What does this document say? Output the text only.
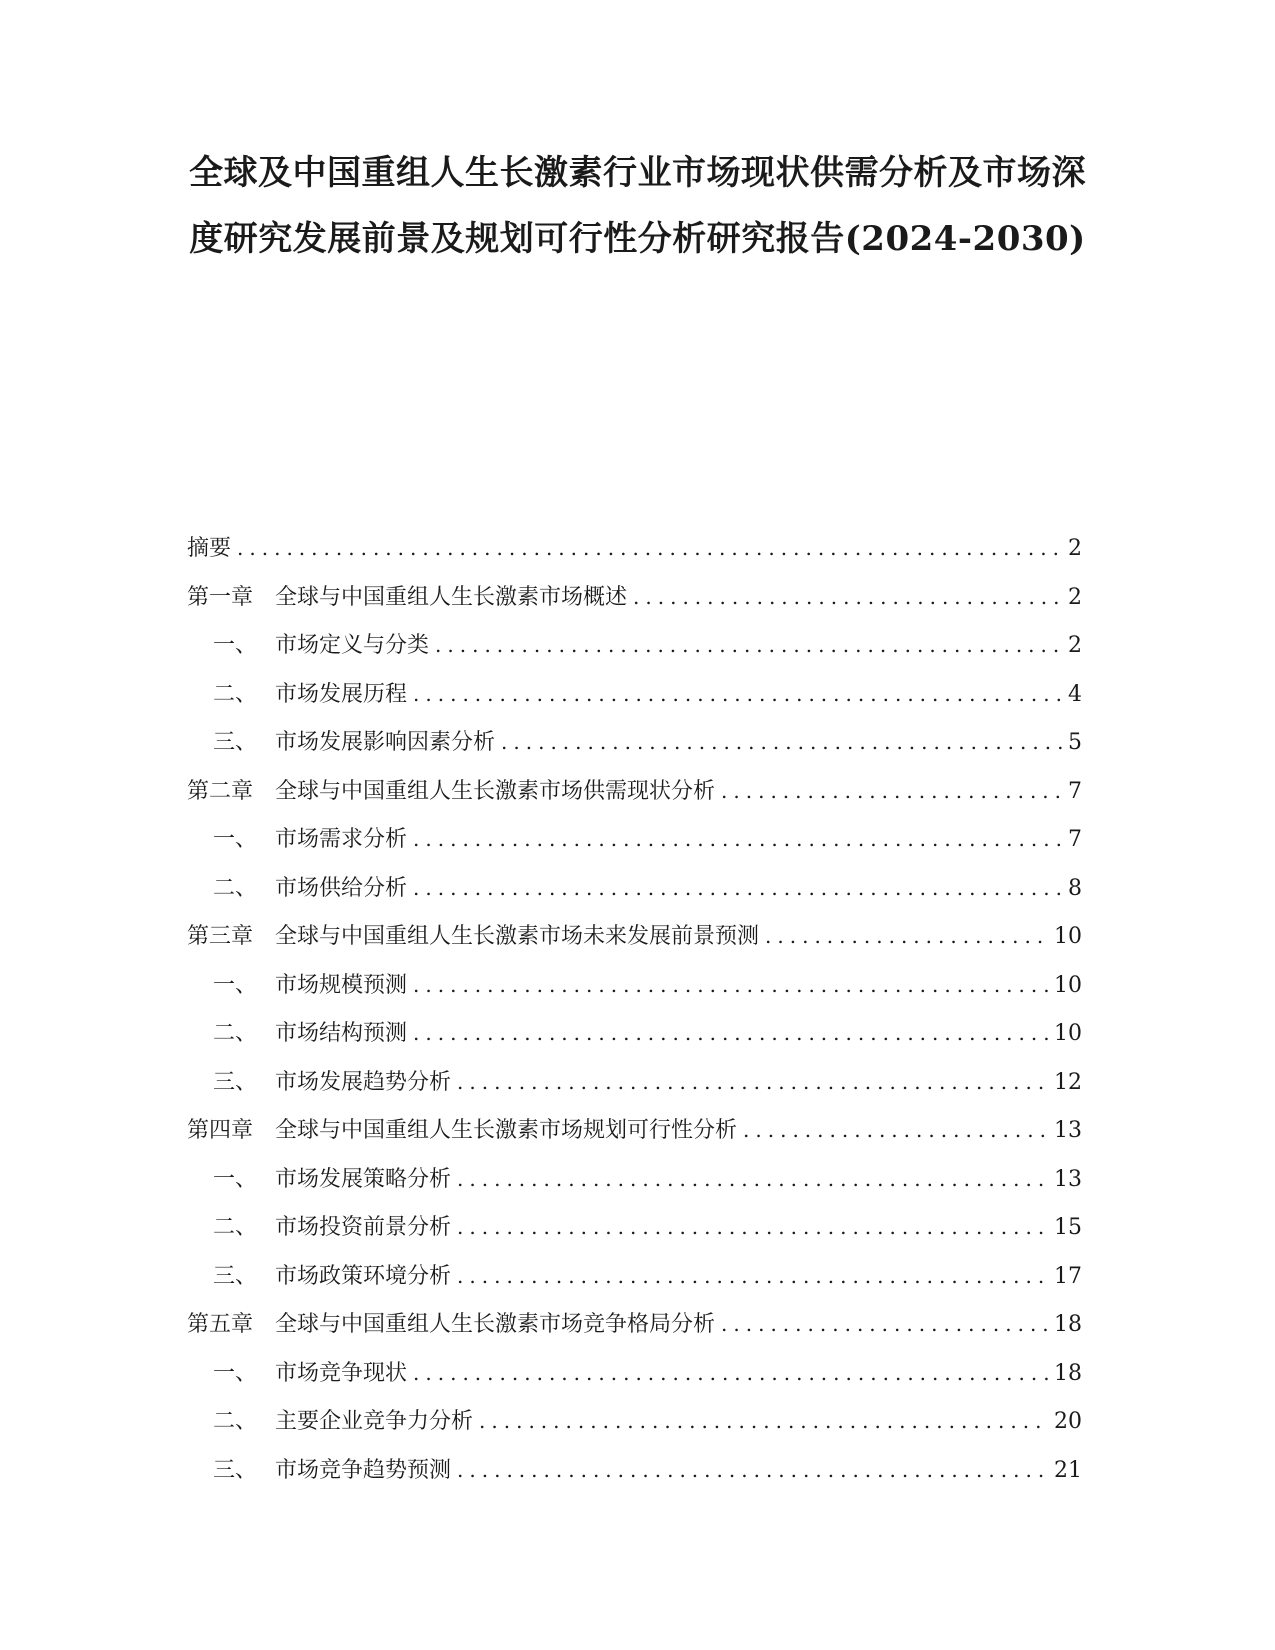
全球及中国重组人生长激素行业市场现状供需分析及市场深
度研究发展前景及规划可行性分析研究报告(2024-2030)
摘要 .....	2
第一章 全球与中国重组人生长激素市场概述 .....	2
一、 市场定义与分类 .....	2
二、 市场发展历程 .....	4
三、 市场发展影响因素分析 .....	5
第二章 全球与中国重组人生长激素市场供需现状分析 .....	7
一、 市场需求分析 .....	7
二、 市场供给分析 .....	8
第三章 全球与中国重组人生长激素市场未来发展前景预测 .....	10
一、 市场规模预测 .....	10
二、 市场结构预测 .....	10
三、 市场发展趋势分析 .....	12
第四章 全球与中国重组人生长激素市场规划可行性分析 .....	13
一、 市场发展策略分析 .....	13
二、 市场投资前景分析 .....	15
三、 市场政策环境分析 .....	17
第五章 全球与中国重组人生长激素市场竞争格局分析 .....	18
一、 市场竞争现状 .....	18
二、 主要企业竞争力分析 .....	20
三、 市场竞争趋势预测 .....	21
